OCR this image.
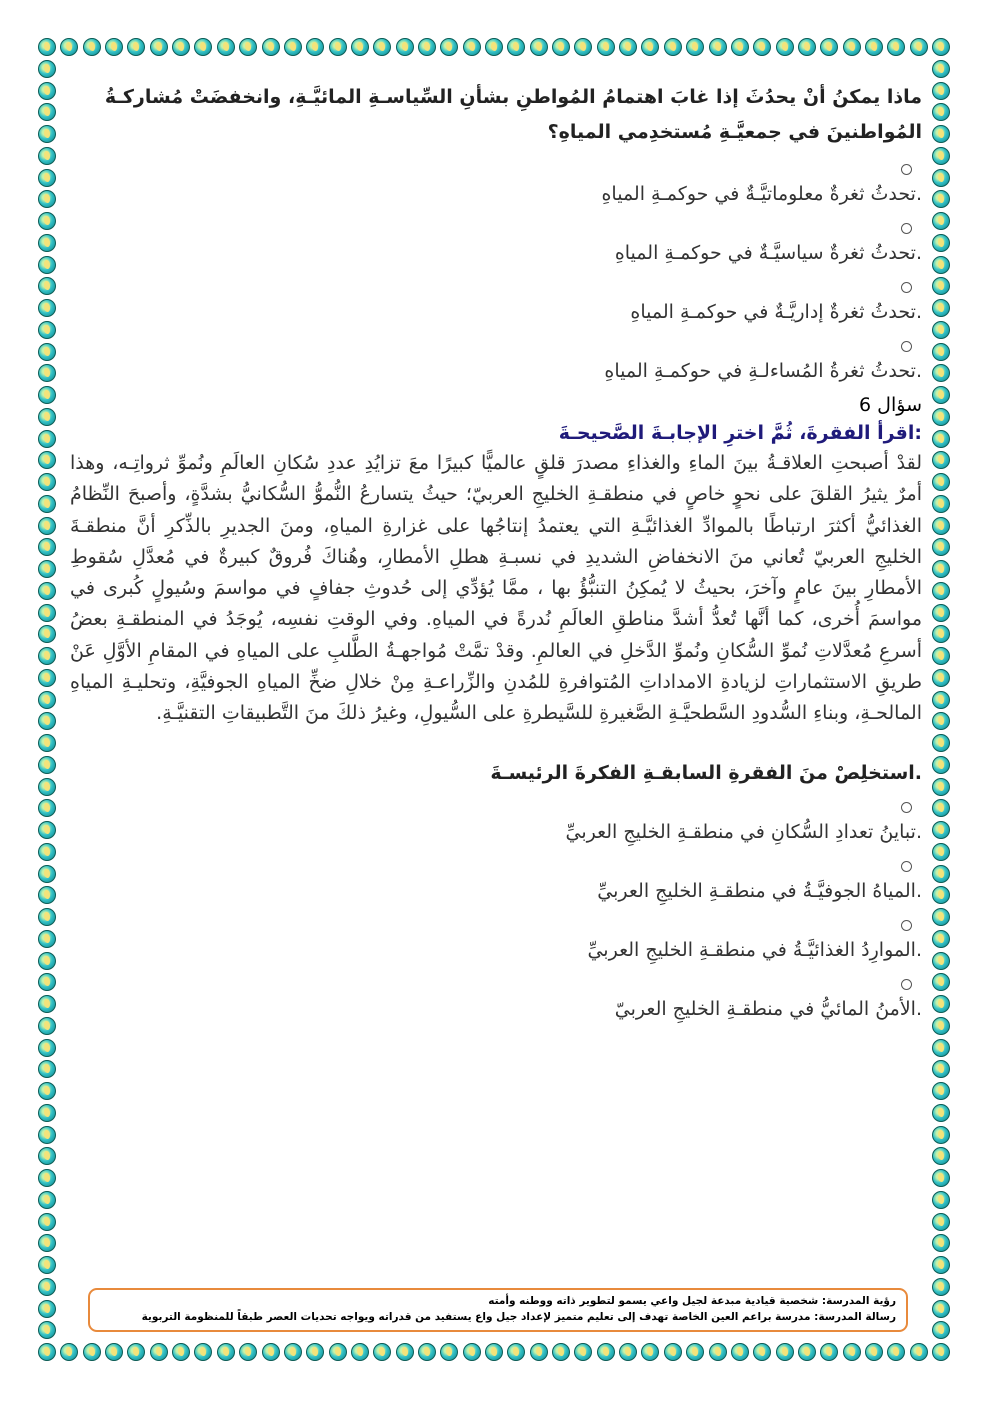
ماذا يمكنُ أنْ يحدُثَ إذا غابَ اهتمامُ المُواطنِ بشأنِ السِّياسـةِ المائيَّـةِ، وانخفضَتْ مُشاركـةُ المُواطنينَ في جمعيَّـةِ مُستخدِمي المياهِ؟
.تحدثُ ثغرةٌ معلوماتيَّـةٌ في حوكمـةِ المياهِ
.تحدثُ ثغرةٌ سياسيَّـةٌ في حوكمـةِ المياهِ
.تحدثُ ثغرةٌ إداريَّـةٌ في حوكمـةِ المياهِ
.تحدثُ ثغرةُ المُساءلـةِ في حوكمـةِ المياهِ
سؤال 6
:اقرأ الفقرةَ، ثُمَّ اخترِ الإجابـةَ الصَّحيحـةَ
لقدْ أصبحتِ العلاقـةُ بينَ الماءِ والغذاءِ مصدرَ قلقٍ عالميًّا كبيرًا معَ تزايُدِ عددِ سُكانِ العالَمِ ونُموِّ ثرواتِـه، وهذا أمرٌ يثيرُ القلقَ على نحوٍ خاصٍ في منطقـةِ الخليجِ العربيّ؛ حيثُ يتسارعُ النُّموُّ السُّكانيُّ بشدَّةٍ، وأصبحَ النِّظامُ الغذائيُّ أكثرَ ارتباطًا بالموادِّ الغذائيَّـةِ التي يعتمدُ إنتاجُها على غزارةِ المياهِ، ومنَ الجديرِ بالذِّكرِ أنَّ منطقـةَ الخليجِ العربيّ تُعاني منَ الانخفاضِ الشديدِ في نسبـةِ هطلِ الأمطارِ، وهُناكَ فُروقٌ كبيرةٌ في مُعدَّلِ سُقوطِ الأمطارِ بينَ عامٍ وآخرَ، بحيثُ لا يُمكِنُ التنبُّؤُ بها ، ممَّا يُؤدِّي إلى حُدوثِ جفافٍ في مواسمَ وسُيولٍ كُبرى في مواسمَ أُخرى، كما أنَّها تُعدُّ أشدَّ مناطقِ العالَمِ نُدرةً في المياهِ. وفي الوقتِ نفسِه، يُوجَدُ في المنطقـةِ بعضُ أسرعِ مُعدَّلاتِ نُموِّ السُّكانِ ونُموِّ الدَّخلِ في العالمِ. وقدْ تمَّتْ مُواجهـةُ الطَّلبِ على المياهِ في المقامِ الأوَّلِ عَنْ طريقِ الاستثماراتِ لزيادةِ الامداداتِ المُتوافرةِ للمُدنِ والزِّراعـةِ مِنْ خلالِ ضخِّ المياهِ الجوفيَّةِ، وتحليـةِ المياهِ المالحـةِ، وبناءِ السُّدودِ السَّطحيَّـةِ الصَّغيرةِ للسَّيطرةِ على السُّيولِ، وغيرُ ذلكَ منَ التَّطبيقاتِ التقنيَّـةِ.
.استخلِصْ منَ الفقرةِ السابقـةِ الفكرةَ الرئيسـةَ
.تباينُ تعدادِ السُّكانِ في منطقـةِ الخليجِ العربيِّ
.المياهُ الجوفيَّـةُ في منطقـةِ الخليجِ العربيِّ
.الموارِدُ الغذائيَّـةُ في منطقـةِ الخليجِ العربيِّ
.الأمنُ المائيُّ في منطقـةِ الخليجِ العربيّ
رؤية المدرسة: شخصية قيادية مبدعة لجيل واعي يسمو لتطوير ذاته ووطنه وأمته
رسالة المدرسة: مدرسة براعم العين الخاصة تهدف إلى تعليم متميز لإعداد جيل واع يستفيد من قدراته ويواجه تحديات العصر طبقاً للمنظومة التربوية
